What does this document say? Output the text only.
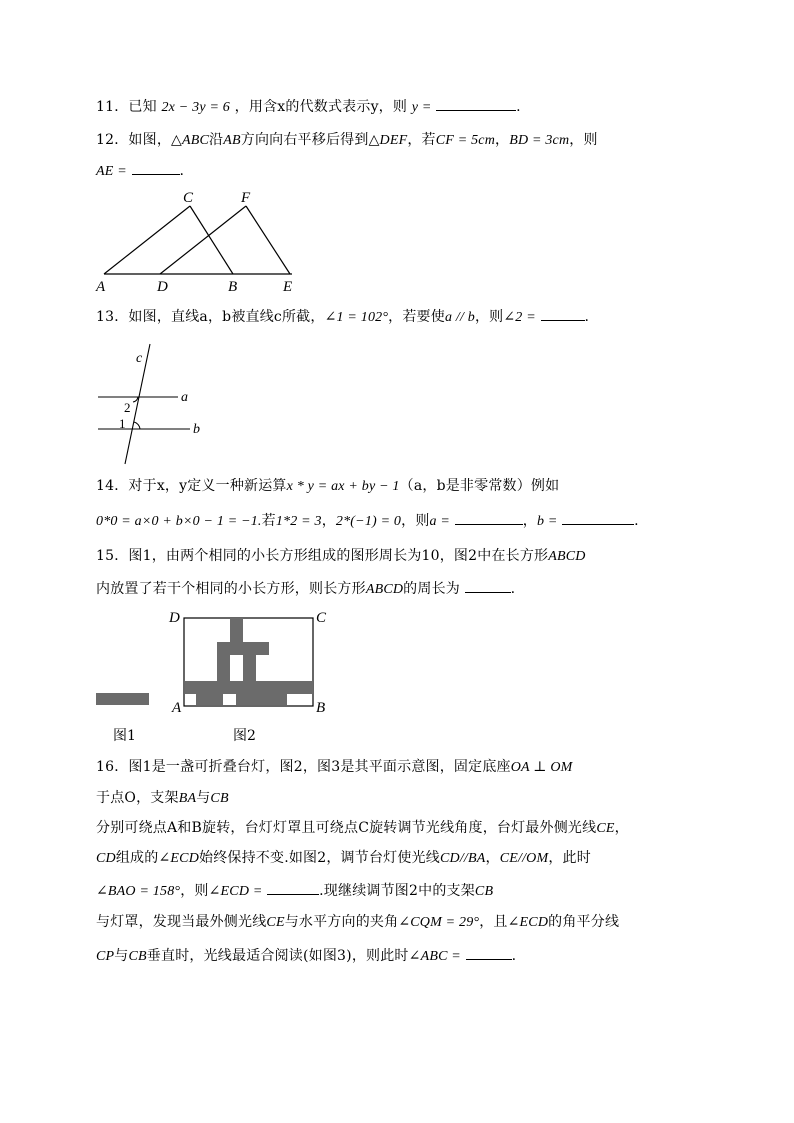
11．已知 2x − 3y = 6 ，用含x的代数式表示y，则 y =	.
12．如图，△ABC沿AB方向向右平移后得到△DEF，若CF = 5cm，BD = 3cm，则
AE =	.
A	D	B	E
C	F
13．如图，直线a，b被直线c所截，∠1 = 102°，若要使a // b，则∠2 =	.
c
a
b
2
1
14．对于x，y定义一种新运算x * y = ax + by − 1（a，b是非零常数）例如
0*0 = a×0 + b×0 − 1 = −1.若1*2 = 3，2*(−1) = 0，则a =	，b =	.
15．图1，由两个相同的小长方形组成的图形周长为10，图2中在长方形ABCD
内放置了若干个相同的小长方形，则长方形ABCD的周长为	.
D	C
A	B
图1	图2
16．图1是一盏可折叠台灯，图2，图3是其平面示意图，固定底座OA ⊥ OM
于点O，支架BA与CB
分别可绕点A和B旋转，台灯灯罩且可绕点C旋转调节光线角度，台灯最外侧光线CE，
CD组成的∠ECD始终保持不变.如图2，调节台灯使光线CD//BA，CE//OM，此时
∠BAO = 158°，则∠ECD =	.现继续调节图2中的支架CB
与灯罩，发现当最外侧光线CE与水平方向的夹角∠CQM = 29°，且∠ECD的角平分线
CP与CB垂直时，光线最适合阅读(如图3)，则此时∠ABC =	.
